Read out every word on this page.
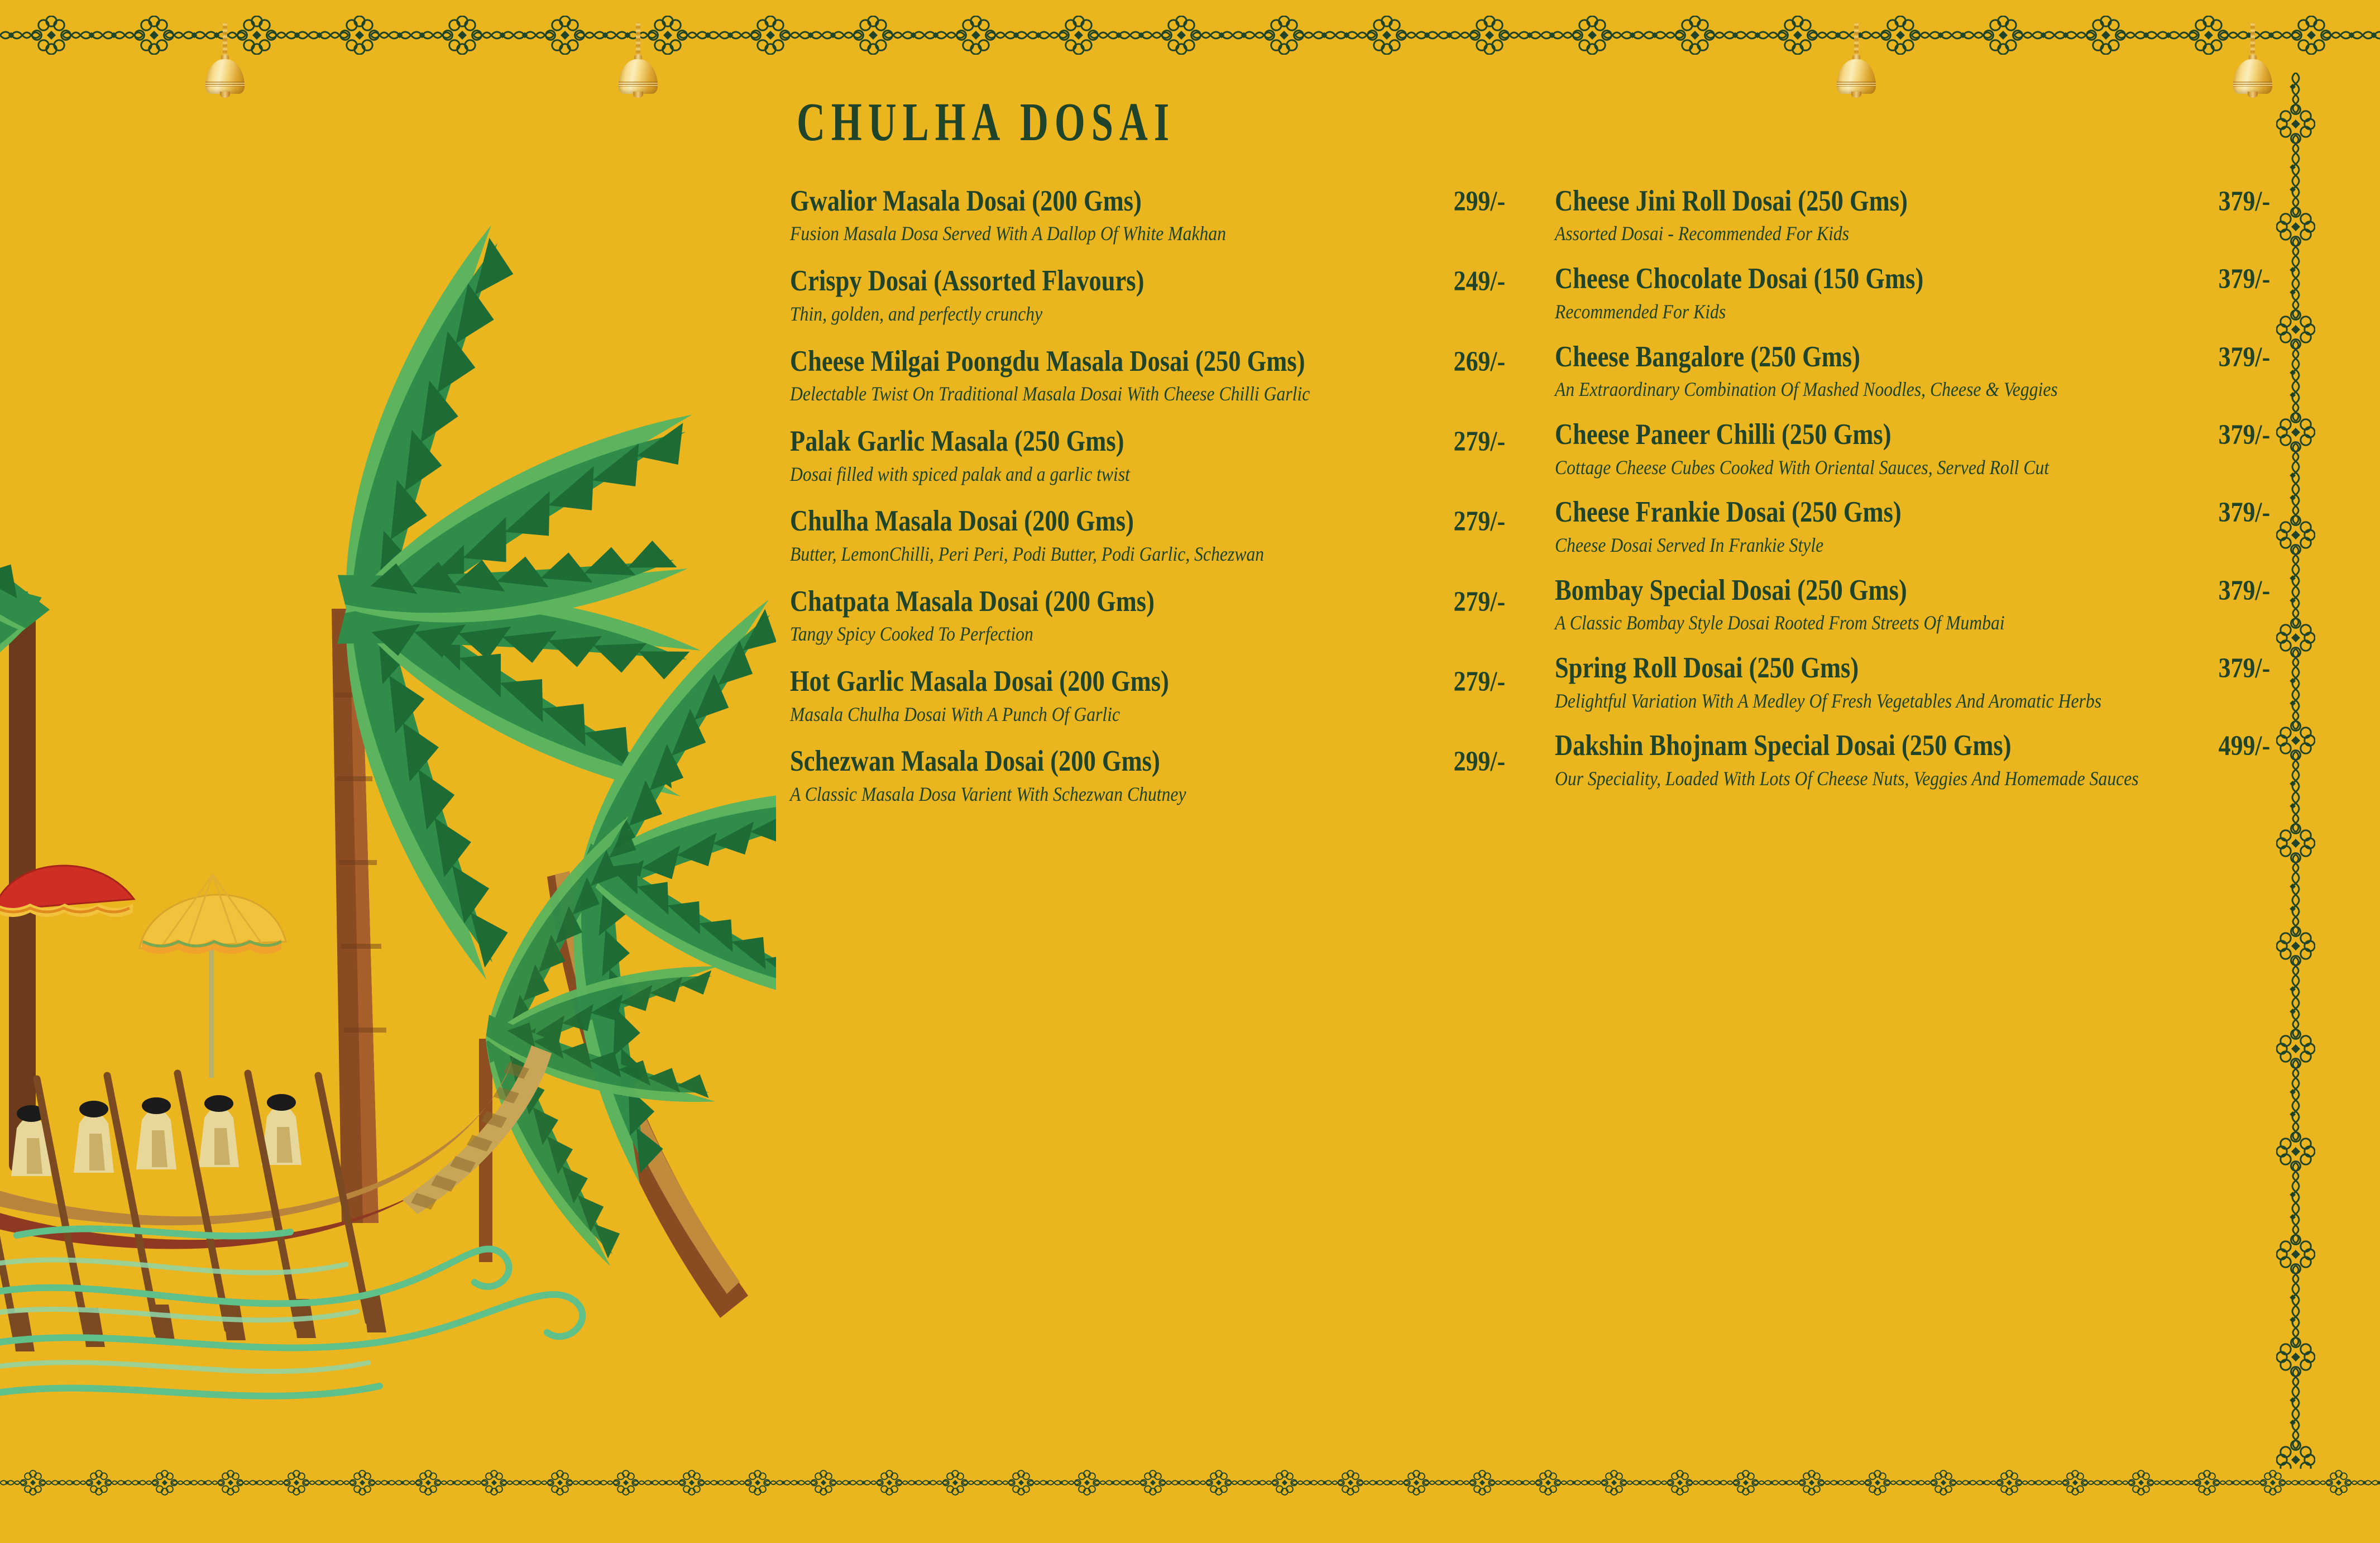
CHULHA DOSAI
Gwalior Masala Dosai (200 Gms)	299/-
Fusion Masala Dosa Served With A Dallop Of White Makhan
Crispy Dosai (Assorted Flavours)	249/-
Thin, golden, and perfectly crunchy
Cheese Milgai Poongdu Masala Dosai (250 Gms)	269/-
Delectable Twist On Traditional Masala Dosai With Cheese Chilli Garlic
Palak Garlic Masala (250 Gms)	279/-
Dosai filled with spiced palak and a garlic twist
Chulha Masala Dosai (200 Gms)	279/-
Butter, LemonChilli, Peri Peri, Podi Butter, Podi Garlic, Schezwan
Chatpata Masala Dosai (200 Gms)	279/-
Tangy Spicy Cooked To Perfection
Hot Garlic Masala Dosai (200 Gms)	279/-
Masala Chulha Dosai With A Punch Of Garlic
Schezwan Masala Dosai (200 Gms)	299/-
A Classic Masala Dosa Varient With Schezwan Chutney
Cheese Jini Roll Dosai (250 Gms)	379/-
Assorted Dosai - Recommended For Kids
Cheese Chocolate Dosai (150 Gms)	379/-
Recommended For Kids
Cheese Bangalore (250 Gms)	379/-
An Extraordinary Combination Of Mashed Noodles, Cheese & Veggies
Cheese Paneer Chilli (250 Gms)	379/-
Cottage Cheese Cubes Cooked With Oriental Sauces, Served Roll Cut
Cheese Frankie Dosai (250 Gms)	379/-
Cheese Dosai Served In Frankie Style
Bombay Special Dosai (250 Gms)	379/-
A Classic Bombay Style Dosai Rooted From Streets Of Mumbai
Spring Roll Dosai (250 Gms)	379/-
Delightful Variation With A Medley Of Fresh Vegetables And Aromatic Herbs
Dakshin Bhojnam Special Dosai (250 Gms)	499/-
Our Speciality, Loaded With Lots Of Cheese Nuts, Veggies And Homemade Sauces
